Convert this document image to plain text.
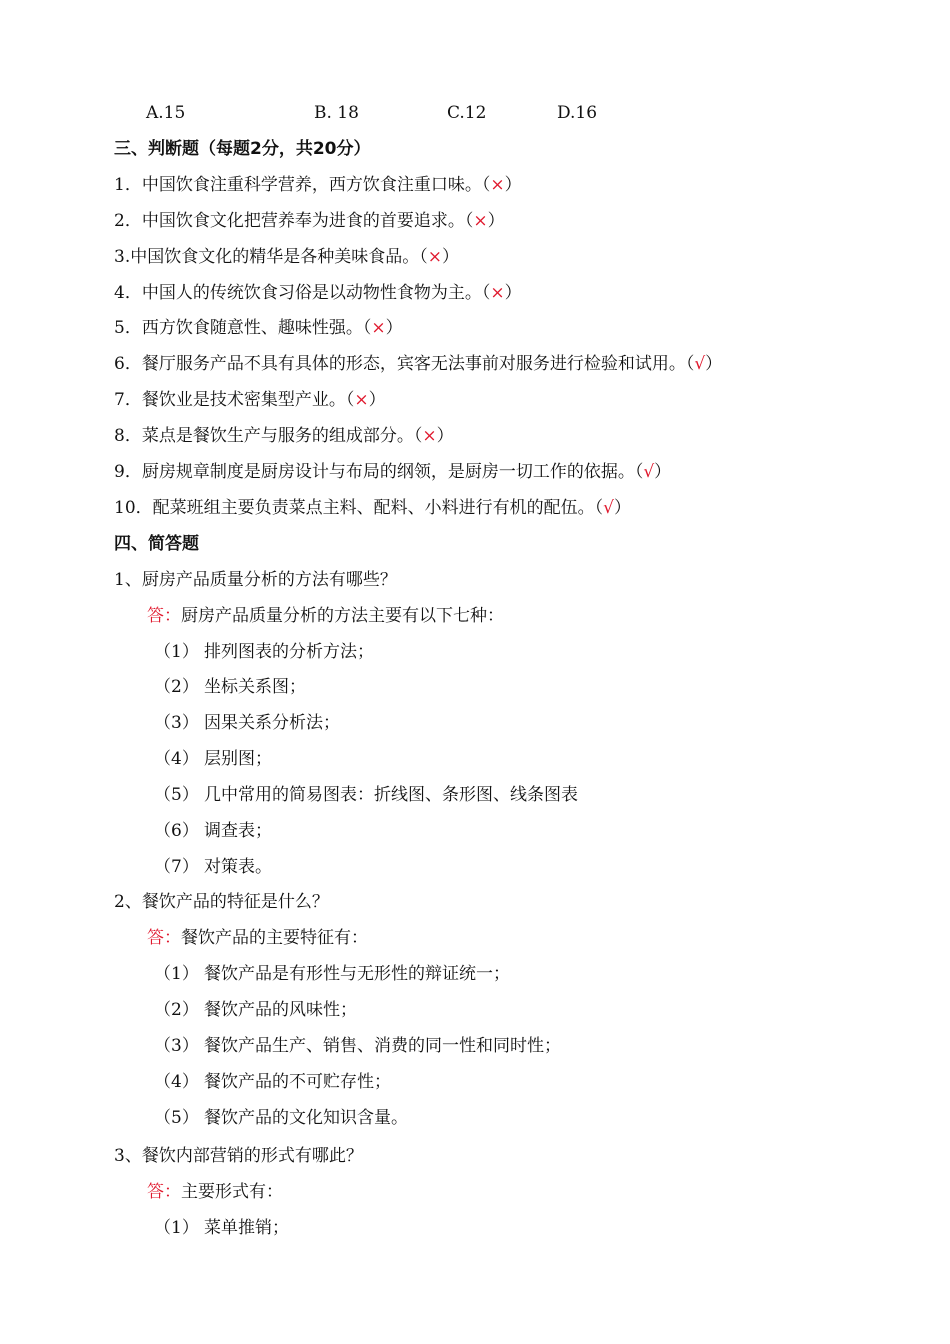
A.15	B. 18	C.12	D.16
三、判断题（每题2分，共20分）
1．中国饮食注重科学营养，西方饮食注重口味。（×）
2．中国饮食文化把营养奉为进食的首要追求。（×）
3.中国饮食文化的精华是各种美味食品。（×）
4．中国人的传统饮食习俗是以动物性食物为主。（×）
5．西方饮食随意性、趣味性强。（×）
6．餐厅服务产品不具有具体的形态，宾客无法事前对服务进行检验和试用。（√）
7．餐饮业是技术密集型产业。（×）
8．菜点是餐饮生产与服务的组成部分。（×）
9．厨房规章制度是厨房设计与布局的纲领，是厨房一切工作的依据。（√）
10．配菜班组主要负责菜点主料、配料、小料进行有机的配伍。（√）
四、简答题
1、厨房产品质量分析的方法有哪些？
答：厨房产品质量分析的方法主要有以下七种：
（1） 排列图表的分析方法；
（2） 坐标关系图；
（3） 因果关系分析法；
（4） 层别图；
（5） 几中常用的简易图表：折线图、条形图、线条图表
（6） 调查表；
（7） 对策表。
2、餐饮产品的特征是什么？
答：餐饮产品的主要特征有：
（1） 餐饮产品是有形性与无形性的辩证统一；
（2） 餐饮产品的风味性；
（3） 餐饮产品生产、销售、消费的同一性和同时性；
（4） 餐饮产品的不可贮存性；
（5） 餐饮产品的文化知识含量。
3、餐饮内部营销的形式有哪此？
答：主要形式有：
（1） 菜单推销；
